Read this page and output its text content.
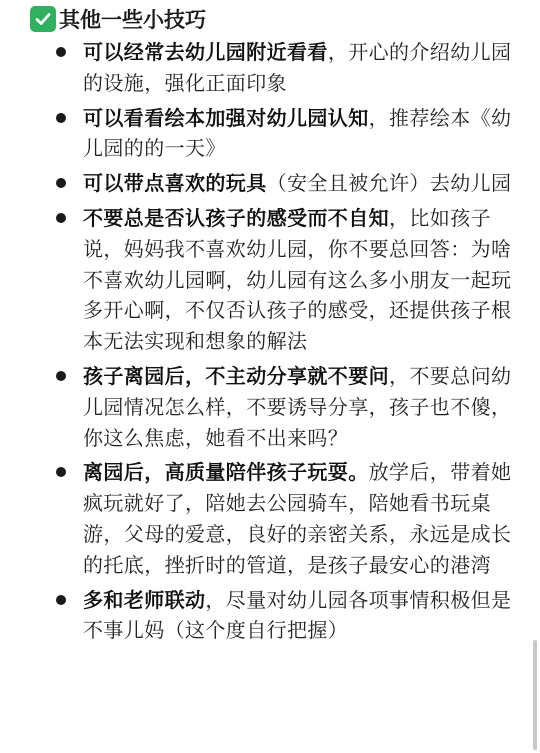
其他一些小技巧
可以经常去幼儿园附近看看，开心的介绍幼儿园的设施，强化正面印象
可以看看绘本加强对幼儿园认知，推荐绘本《幼儿园的的一天》
可以带点喜欢的玩具（安全且被允许）去幼儿园
不要总是否认孩子的感受而不自知，比如孩子说，妈妈我不喜欢幼儿园，你不要总回答：为啥不喜欢幼儿园啊，幼儿园有这么多小朋友一起玩多开心啊，不仅否认孩子的感受，还提供孩子根本无法实现和想象的解法
孩子离园后，不主动分享就不要问，不要总问幼儿园情况怎么样，不要诱导分享，孩子也不傻，你这么焦虑，她看不出来吗？
离园后，高质量陪伴孩子玩耍。放学后，带着她疯玩就好了，陪她去公园骑车，陪她看书玩桌游，父母的爱意，良好的亲密关系，永远是成长的托底，挫折时的管道，是孩子最安心的港湾
多和老师联动，尽量对幼儿园各项事情积极但是不事儿妈（这个度自行把握）
